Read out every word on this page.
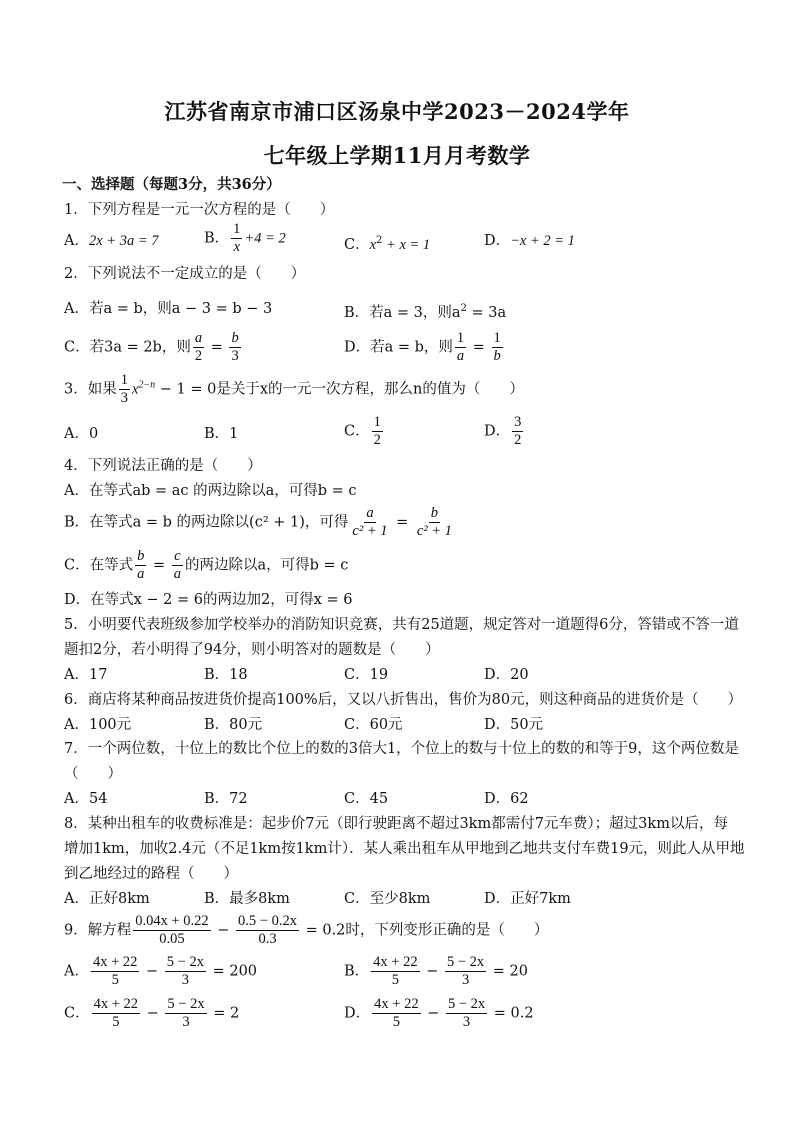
江苏省南京市浦口区汤泉中学2023－2024学年
七年级上学期11月月考数学
一、选择题（每题3分，共36分）
1．下列方程是一元一次方程的是（　　）
A．2x + 3a = 7	B． $\frac{1}{x} +4 = 2$	C．$x^2 + x = 1$	D．−x + 2 = 1
2．下列说法不一定成立的是（　　）
A．若a = b，则a − 3 = b − 3	B．若a = 3，则$a^2 = 3a$
C．若3a = 2b，则 $\frac{a}{2} = \frac{b}{3}$	D．若a = b，则 $\frac{1}{a} = \frac{1}{b}$
3．如果 $\frac{1}{3} x^{2-n} - 1 = 0$是关于x的一元一次方程，那么n的值为（　　）
A．0	B．1	C． $\frac{1}{2}$	D． $\frac{3}{2}$
4．下列说法正确的是（　　）
A．在等式ab = ac 的两边除以a，可得b = c
B．在等式a = b 的两边除以(c² + 1)，可得 $\frac{a}{\text{c² + 1}} = \frac{b}{\text{c² + 1}}$
C．在等式 $\frac{b}{a} = \frac{c}{a}$ 的两边除以a，可得b = c
D．在等式x − 2 = 6的两边加2，可得x = 6
5．小明要代表班级参加学校举办的消防知识竞赛，共有25道题，规定答对一道题得6分，答错或不答一道
题扣2分，若小明得了94分，则小明答对的题数是（　　）
A．17	B．18	C．19	D．20
6．商店将某种商品按进货价提高100%后，又以八折售出，售价为80元，则这种商品的进货价是（　　）
A．100元	B．80元	C．60元	D．50元
7．一个两位数，十位上的数比个位上的数的3倍大1，个位上的数与十位上的数的和等于9，这个两位数是
（　　）
A．54	B．72	C．45	D．62
8．某种出租车的收费标准是：起步价7元（即行驶距离不超过3km都需付7元车费）；超过3km以后，每
增加1km，加收2.4元（不足1km按1km计）．某人乘出租车从甲地到乙地共支付车费19元，则此人从甲地
到乙地经过的路程（　　）
A．正好8km	B．最多8km	C．至少8km	D．正好7km
9．解方程 $\frac{0.04x + 0.22}{0.05} - \frac{0.5 - 0.2x}{0.3} = 0.2$时，下列变形正确的是（　　）
A． $\frac{4x + 22}{5} - \frac{5 - 2x}{3} = 200$	B． $\frac{4x + 22}{5} - \frac{5 - 2x}{3} = 20$
C． $\frac{4x + 22}{5} - \frac{5 - 2x}{3} = 2$	D． $\frac{4x + 22}{5} - \frac{5 - 2x}{3} = 0.2$
